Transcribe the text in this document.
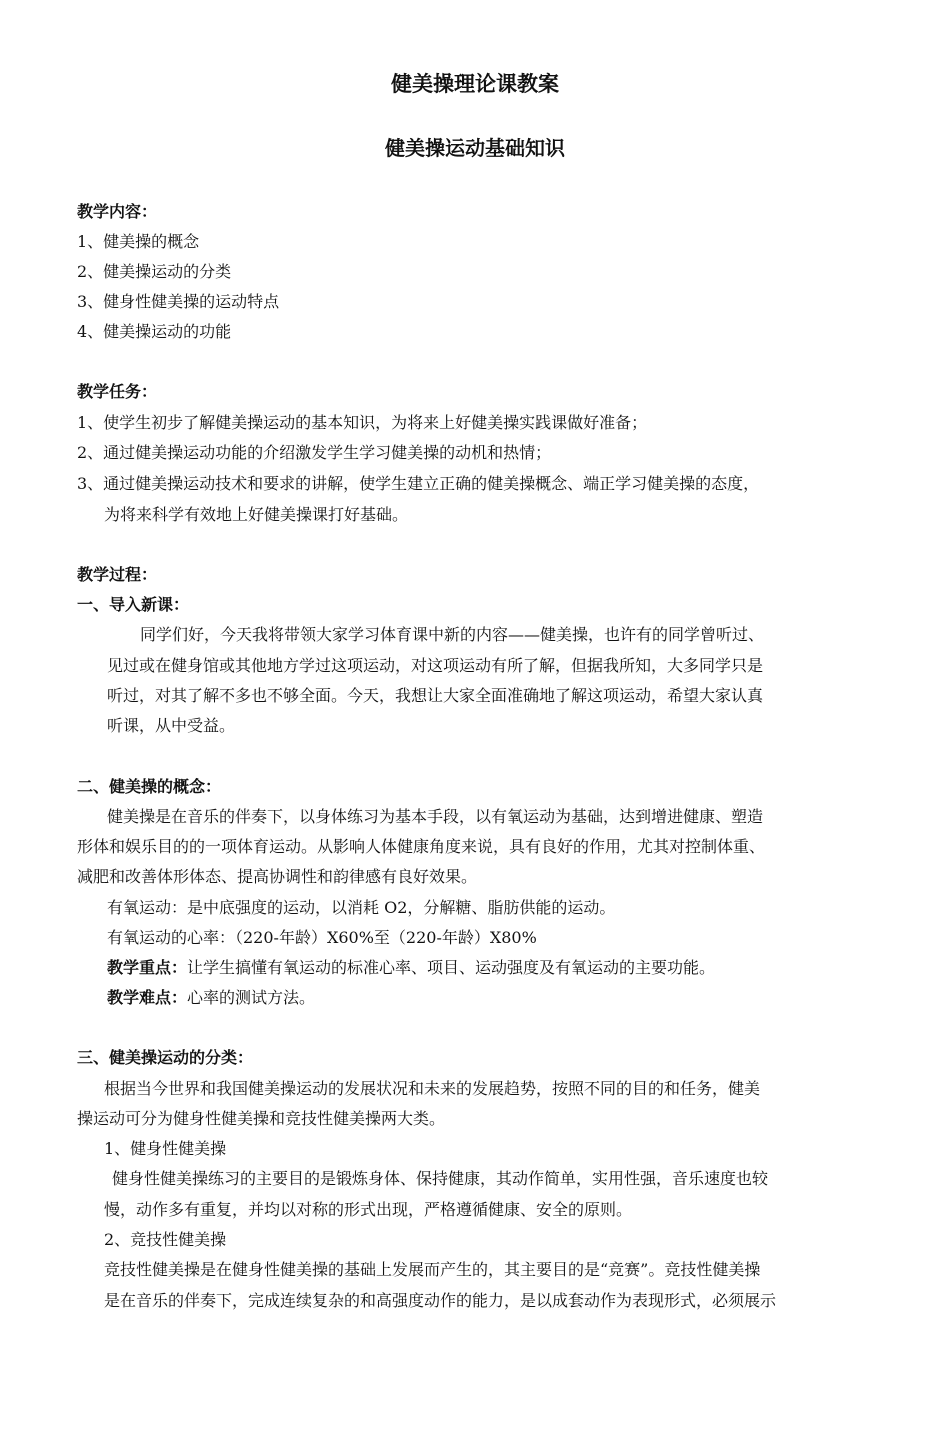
健美操理论课教案
健美操运动基础知识
教学内容：
1、健美操的概念
2、健美操运动的分类
3、健身性健美操的运动特点
4、健美操运动的功能
教学任务：
1、使学生初步了解健美操运动的基本知识，为将来上好健美操实践课做好准备；
2、通过健美操运动功能的介绍激发学生学习健美操的动机和热情；
3、通过健美操运动技术和要求的讲解，使学生建立正确的健美操概念、端正学习健美操的态度，
为将来科学有效地上好健美操课打好基础。
教学过程：
一、导入新课：
同学们好，今天我将带领大家学习体育课中新的内容——健美操，也许有的同学曾听过、
见过或在健身馆或其他地方学过这项运动，对这项运动有所了解，但据我所知，大多同学只是
听过，对其了解不多也不够全面。今天，我想让大家全面准确地了解这项运动，希望大家认真
听课，从中受益。
二、健美操的概念：
健美操是在音乐的伴奏下，以身体练习为基本手段，以有氧运动为基础，达到增进健康、塑造
形体和娱乐目的的一项体育运动。从影响人体健康角度来说，具有良好的作用，尤其对控制体重、
减肥和改善体形体态、提高协调性和韵律感有良好效果。
有氧运动：是中底强度的运动，以消耗 O2，分解糖、脂肪供能的运动。
有氧运动的心率：（220-年龄）X60%至（220-年龄）X80%
教学重点：让学生搞懂有氧运动的标准心率、项目、运动强度及有氧运动的主要功能。
教学难点：心率的测试方法。
三、健美操运动的分类：
根据当今世界和我国健美操运动的发展状况和未来的发展趋势，按照不同的目的和任务，健美
操运动可分为健身性健美操和竞技性健美操两大类。
1、健身性健美操
健身性健美操练习的主要目的是锻炼身体、保持健康，其动作简单，实用性强，音乐速度也较
慢，动作多有重复，并均以对称的形式出现，严格遵循健康、安全的原则。
2、竞技性健美操
竞技性健美操是在健身性健美操的基础上发展而产生的，其主要目的是“竞赛”。竞技性健美操
是在音乐的伴奏下，完成连续复杂的和高强度动作的能力，是以成套动作为表现形式，必须展示
